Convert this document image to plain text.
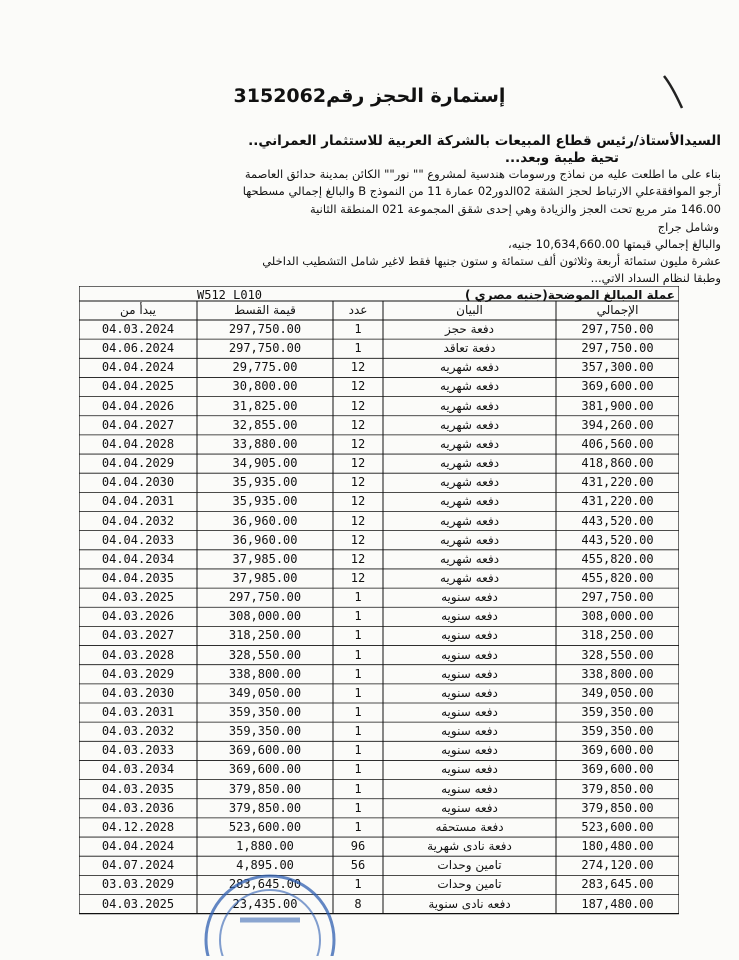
إستمارة الحجز رقم3152062
السيدالأستاذ/رئيس قطاع المبيعات بالشركة العربية للاستثمار العمراني..
تحية طيبة وبعد...
بناء على ما اطلعت عليه من نماذج ورسومات هندسية لمشروع "" نور"" الكائن بمدينة حدائق العاصمة
أرجو الموافقةعلي الارتباط لحجز الشقة 02الدور02 عمارة 11 من النموذج B والبالغ إجمالي مسطحها
146.00 متر مربع تحت العجز والزيادة وهي إحدى شقق المجموعة 021 المنطقة الثانية
وشامل جراج
والبالغ إجمالي قيمتها 10,634,660.00 جنيه،
عشرة مليون ستمائة أربعة وثلاثون ألف ستمائة و ستون جنيها فقط لاغير شامل التشطيب الداخلي
وطبقا لنظام السداد الاتي...
W512 L010	عملة المبالغ الموضحة(جنيه مصري )
يبدأ من	قيمة القسط	عدد	البيان	الإجمالي
04.03.2024	297,750.00	1	دفعة حجز	297,750.00
04.06.2024	297,750.00	1	دفعة تعاقد	297,750.00
04.04.2024	29,775.00	12	دفعه شهريه	357,300.00
04.04.2025	30,800.00	12	دفعه شهريه	369,600.00
04.04.2026	31,825.00	12	دفعه شهريه	381,900.00
04.04.2027	32,855.00	12	دفعه شهريه	394,260.00
04.04.2028	33,880.00	12	دفعه شهريه	406,560.00
04.04.2029	34,905.00	12	دفعه شهريه	418,860.00
04.04.2030	35,935.00	12	دفعه شهريه	431,220.00
04.04.2031	35,935.00	12	دفعه شهريه	431,220.00
04.04.2032	36,960.00	12	دفعه شهريه	443,520.00
04.04.2033	36,960.00	12	دفعه شهريه	443,520.00
04.04.2034	37,985.00	12	دفعه شهريه	455,820.00
04.04.2035	37,985.00	12	دفعه شهريه	455,820.00
04.03.2025	297,750.00	1	دفعه سنويه	297,750.00
04.03.2026	308,000.00	1	دفعه سنويه	308,000.00
04.03.2027	318,250.00	1	دفعه سنويه	318,250.00
04.03.2028	328,550.00	1	دفعه سنويه	328,550.00
04.03.2029	338,800.00	1	دفعه سنويه	338,800.00
04.03.2030	349,050.00	1	دفعه سنويه	349,050.00
04.03.2031	359,350.00	1	دفعه سنويه	359,350.00
04.03.2032	359,350.00	1	دفعه سنويه	359,350.00
04.03.2033	369,600.00	1	دفعه سنويه	369,600.00
04.03.2034	369,600.00	1	دفعه سنويه	369,600.00
04.03.2035	379,850.00	1	دفعه سنويه	379,850.00
04.03.2036	379,850.00	1	دفعه سنويه	379,850.00
04.12.2028	523,600.00	1	دفعة مستحقه	523,600.00
04.04.2024	1,880.00	96	دفعة نادى شهرية	180,480.00
04.07.2024	4,895.00	56	تامين وحدات	274,120.00
03.03.2029	283,645.00	1	تامين وحدات	283,645.00
04.03.2025	23,435.00	8	دفعه نادى سنوية	187,480.00
